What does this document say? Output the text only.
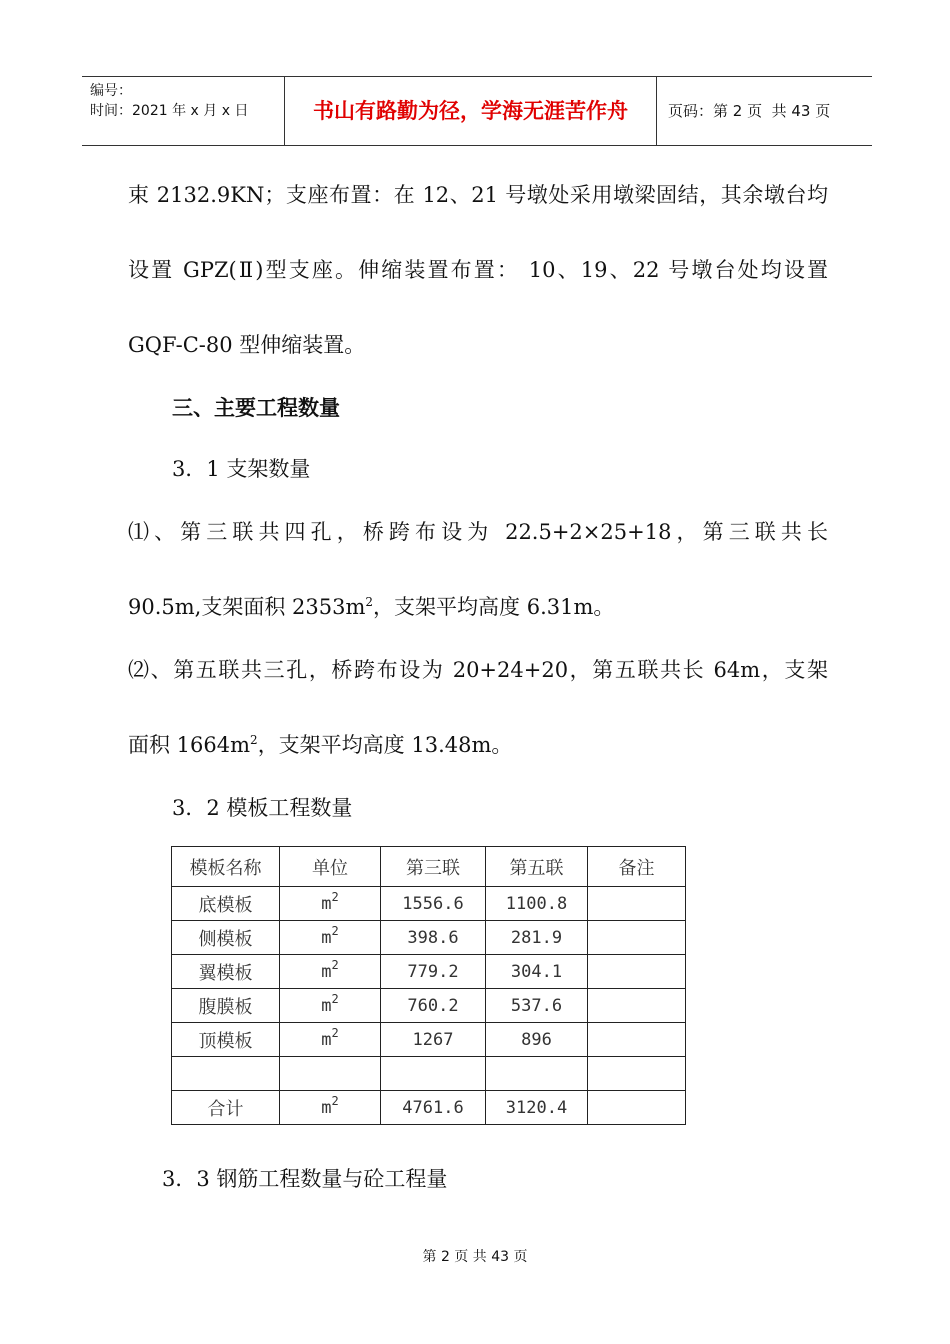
编号：
时间：2021 年 x 月 x 日	书山有路勤为径，学海无涯苦作舟	页码：第 2 页  共 43 页
束 2132.9KN；支座布置：在 12、21 号墩处采用墩梁固结，其余墩台均
设置 GPZ(Ⅱ)型支座。伸缩装置布置： 10、19、22 号墩台处均设置
GQF-C-80 型伸缩装置。
三、主要工程数量
3．1 支架数量
⑴、第三联共四孔，桥跨布设为 22.5+2×25+18，第三联共长
90.5m,支架面积 $2353m^2$，支架平均高度 6.31m。
⑵、第五联共三孔，桥跨布设为 20+24+20，第五联共长 64m，支架
面积 $1664m^2$，支架平均高度 13.48m。
3．2 模板工程数量
模板名称	单位	第三联	第五联	备注
底模板	$m^2$	1556.6	1100.8	
侧模板	$m^2$	398.6	281.9	
翼模板	$m^2$	779.2	304.1	
腹膜板	$m^2$	760.2	537.6	
顶模板	$m^2$	1267	896	

合计	$m^2$	4761.6	3120.4	
3．3 钢筋工程数量与砼工程量
第 2 页 共 43 页
